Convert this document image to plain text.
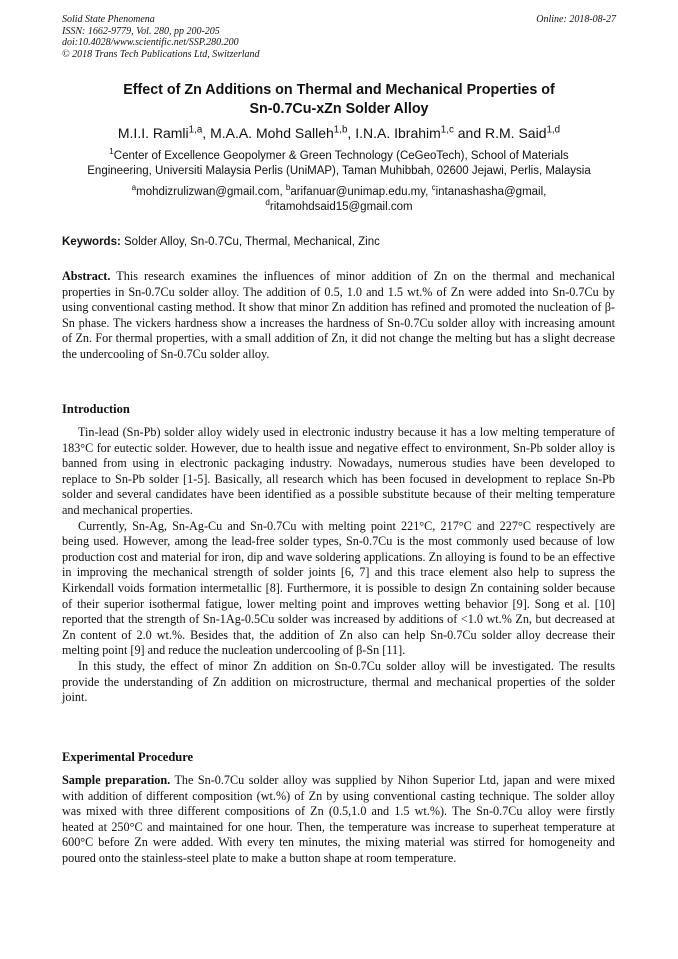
Solid State Phenomena
ISSN: 1662-9779, Vol. 280, pp 200-205
doi:10.4028/www.scientific.net/SSP.280.200
© 2018 Trans Tech Publications Ltd, Switzerland
Online: 2018-08-27
Effect of Zn Additions on Thermal and Mechanical Properties of
Sn-0.7Cu-xZn Solder Alloy
M.I.I. Ramli$^{1,a}$, M.A.A. Mohd Salleh$^{1,b}$, I.N.A. Ibrahim$^{1,c}$ and R.M. Said$^{1,d}$
$^1$Center of Excellence Geopolymer & Green Technology (CeGeoTech), School of Materials
Engineering, Universiti Malaysia Perlis (UniMAP), Taman Muhibbah, 02600 Jejawi, Perlis, Malaysia
$^a$mohdizrulizwan@gmail.com, $^b$arifanuar@unimap.edu.my, $^c$intanashasha@gmail,
$^d$ritamohdsaid15@gmail.com
Keywords: Solder Alloy, Sn-0.7Cu, Thermal, Mechanical, Zinc

Abstract. This research examines the influences of minor addition of Zn on the thermal and mechanical properties in Sn-0.7Cu solder alloy. The addition of 0.5, 1.0 and 1.5 wt.% of Zn were added into Sn-0.7Cu by using conventional casting method. It show that minor Zn addition has refined and promoted the nucleation of β-Sn phase. The vickers hardness show a increases the hardness of Sn-0.7Cu solder alloy with increasing amount of Zn. For thermal properties, with a small addition of Zn, it did not change the melting but has a slight decrease the undercooling of Sn-0.7Cu solder alloy.

Introduction

Tin-lead (Sn-Pb) solder alloy widely used in electronic industry because it has a low melting temperature of 183°C for eutectic solder. However, due to health issue and negative effect to environment, Sn-Pb solder alloy is banned from using in electronic packaging industry. Nowadays, numerous studies have been developed to replace to Sn-Pb solder [1-5]. Basically, all research which has been focused in development to replace Sn-Pb solder and several candidates have been identified as a possible substitute because of their melting temperature and mechanical properties.

Currently, Sn-Ag, Sn-Ag-Cu and Sn-0.7Cu with melting point 221°C, 217°C and 227°C respectively are being used. However, among the lead-free solder types, Sn-0.7Cu is the most commonly used because of low production cost and material for iron, dip and wave soldering applications. Zn alloying is found to be an effective in improving the mechanical strength of solder joints [6, 7] and this trace element also help to supress the Kirkendall voids formation intermetallic [8]. Furthermore, it is possible to design Zn containing solder because of their superior isothermal fatigue, lower melting point and improves wetting behavior [9]. Song et al. [10] reported that the strength of Sn-1Ag-0.5Cu solder was increased by additions of <1.0 wt.% Zn, but decreased at Zn content of 2.0 wt.%. Besides that, the addition of Zn also can help Sn-0.7Cu solder alloy decrease their melting point [9] and reduce the nucleation undercooling of β-Sn [11].

In this study, the effect of minor Zn addition on Sn-0.7Cu solder alloy will be investigated. The results provide the understanding of Zn addition on microstructure, thermal and mechanical properties of the solder joint.

Experimental Procedure

Sample preparation. The Sn-0.7Cu solder alloy was supplied by Nihon Superior Ltd, japan and were mixed with addition of different composition (wt.%) of Zn by using conventional casting technique. The solder alloy was mixed with three different compositions of Zn (0.5,1.0 and 1.5 wt.%). The Sn-0.7Cu alloy were firstly heated at 250°C and maintained for one hour. Then, the temperature was increase to superheat temperature at 600°C before Zn were added. With every ten minutes, the mixing material was stirred for homogeneity and poured onto the stainless-steel plate to make a button shape at room temperature.
